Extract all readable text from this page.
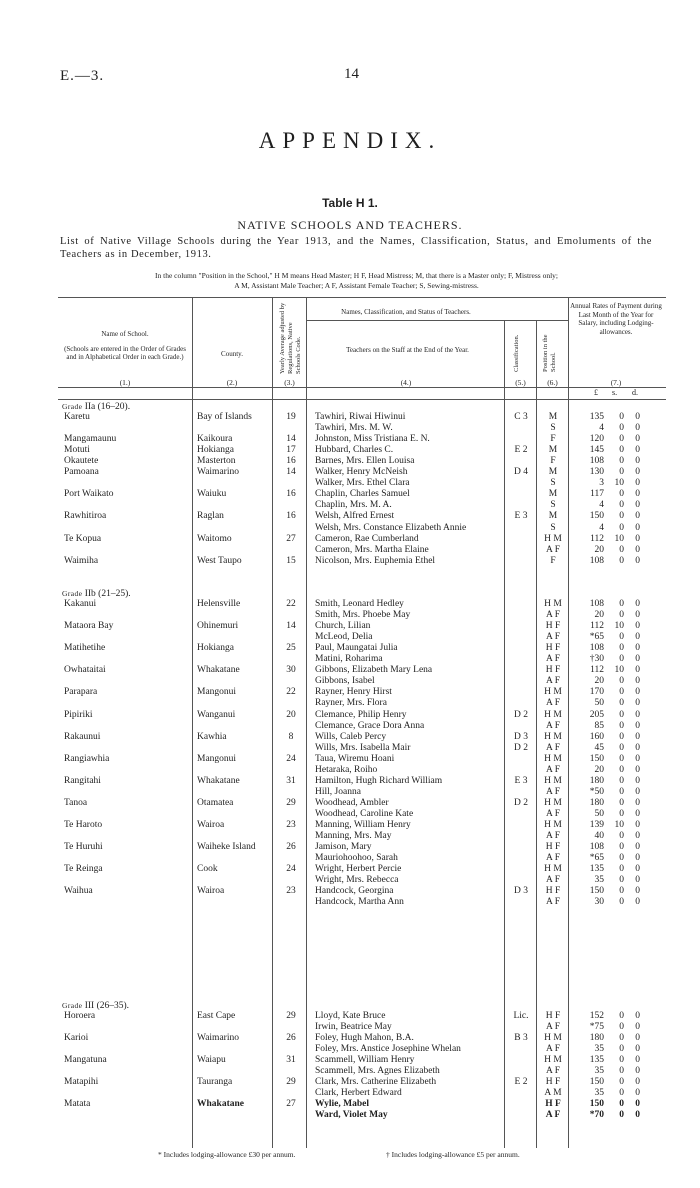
E.—3.	14
APPENDIX.
Table H 1.
NATIVE SCHOOLS AND TEACHERS.
List of Native Village Schools during the Year 1913, and the Names, Classification, Status, and Emoluments of the Teachers as in December, 1913.
In the column "Position in the School," H M means Head Master; H F, Head Mistress; M, that there is a Master only; F, Mistress only;
A M, Assistant Male Teacher; A F, Assistant Female Teacher; S, Sewing-mistress.
Name of School.
(Schools are entered in the Order of Grades and in Alphabetical Order in each Grade.)	County.	Yearly Average adjusted by Regulations, Native Schools Code.
Names, Classification, and Status of Teachers.
Teachers on the Staff at the End of the Year.	Classification.	Position in the School.
Annual Rates of Payment during Last Month of the Year for Salary, including Lodging-allowances.
(1.)	(2.)	(3.)	(4.)	(5.)	(6.)	(7.)
£ s. d.
Grade IIa (16–20).
Grade IIb (21–25).
Grade III (26–35).
Karetu	Bay of Islands	19	Tawhiri, Riwai Hiwinui	C 3	M	135	0	0
Tawhiri, Mrs. M. W.	S	4	0	0
Mangamaunu	Kaikoura	14	Johnston, Miss Tristiana E. N.	F	120	0	0
Motuti	Hokianga	17	Hubbard, Charles C.	E 2	M	145	0	0
Okautete	Masterton	16	Barnes, Mrs. Ellen Louisa	F	108	0	0
Pamoana	Waimarino	14	Walker, Henry McNeish	D 4	M	130	0	0
Walker, Mrs. Ethel Clara	S	3	10	0
Port Waikato	Waiuku	16	Chaplin, Charles Samuel	M	117	0	0
Chaplin, Mrs. M. A.	S	4	0	0
Rawhitiroa	Raglan	16	Welsh, Alfred Ernest	E 3	M	150	0	0
Welsh, Mrs. Constance Elizabeth Annie	S	4	0	0
Te Kopua	Waitomo	27	Cameron, Rae Cumberland	H M	112	10	0
Cameron, Mrs. Martha Elaine	A F	20	0	0
Waimiha	West Taupo	15	Nicolson, Mrs. Euphemia Ethel	F	108	0	0
Kakanui	Helensville	22	Smith, Leonard Hedley	H M	108	0	0
Smith, Mrs. Phoebe May	A F	20	0	0
Mataora Bay	Ohinemuri	14	Church, Lilian	H F	112	10	0
McLeod, Delia	A F	*65	0	0
Matihetihe	Hokianga	25	Paul, Maungatai Julia	H F	108	0	0
Matini, Roharima	A F	†30	0	0
Owhataitai	Whakatane	30	Gibbons, Elizabeth Mary Lena	H F	112	10	0
Gibbons, Isabel	A F	20	0	0
Parapara	Mangonui	22	Rayner, Henry Hirst	H M	170	0	0
Rayner, Mrs. Flora	A F	50	0	0
Pipiriki	Wanganui	20	Clemance, Philip Henry	D 2	H M	205	0	0
Clemance, Grace Dora Anna	A F	85	0	0
Rakaunui	Kawhia	8	Wills, Caleb Percy	D 3	H M	160	0	0
Wills, Mrs. Isabella Mair	D 2	A F	45	0	0
Rangiawhia	Mangonui	24	Taua, Wiremu Hoani	H M	150	0	0
Hetaraka, Roiho	A F	20	0	0
Rangitahi	Whakatane	31	Hamilton, Hugh Richard William	E 3	H M	180	0	0
Hill, Joanna	A F	*50	0	0
Tanoa	Otamatea	29	Woodhead, Ambler	D 2	H M	180	0	0
Woodhead, Caroline Kate	A F	50	0	0
Te Haroto	Wairoa	23	Manning, William Henry	H M	139	10	0
Manning, Mrs. May	A F	40	0	0
Te Huruhi	Waiheke Island	26	Jamison, Mary	H F	108	0	0
Mauriohoohoo, Sarah	A F	*65	0	0
Te Reinga	Cook	24	Wright, Herbert Percie	H M	135	0	0
Wright, Mrs. Rebecca	A F	35	0	0
Waihua	Wairoa	23	Handcock, Georgina	D 3	H F	150	0	0
Handcock, Martha Ann	A F	30	0	0
Horoera	East Cape	29	Lloyd, Kate Bruce	Lic.	H F	152	0	0
Irwin, Beatrice May	A F	*75	0	0
Karioi	Waimarino	26	Foley, Hugh Mahon, B.A.	B 3	H M	180	0	0
Foley, Mrs. Anstice Josephine Whelan	A F	35	0	0
Mangatuna	Waiapu	31	Scammell, William Henry	H M	135	0	0
Scammell, Mrs. Agnes Elizabeth	A F	35	0	0
Matapihi	Tauranga	29	Clark, Mrs. Catherine Elizabeth	E 2	H F	150	0	0
Clark, Herbert Edward	A M	35	0	0
Matata	Whakatane	27	Wylie, Mabel	H F	150	0	0
Ward, Violet May	A F	*70	0	0
* Includes lodging-allowance £30 per annum.	† Includes lodging-allowance £5 per annum.
